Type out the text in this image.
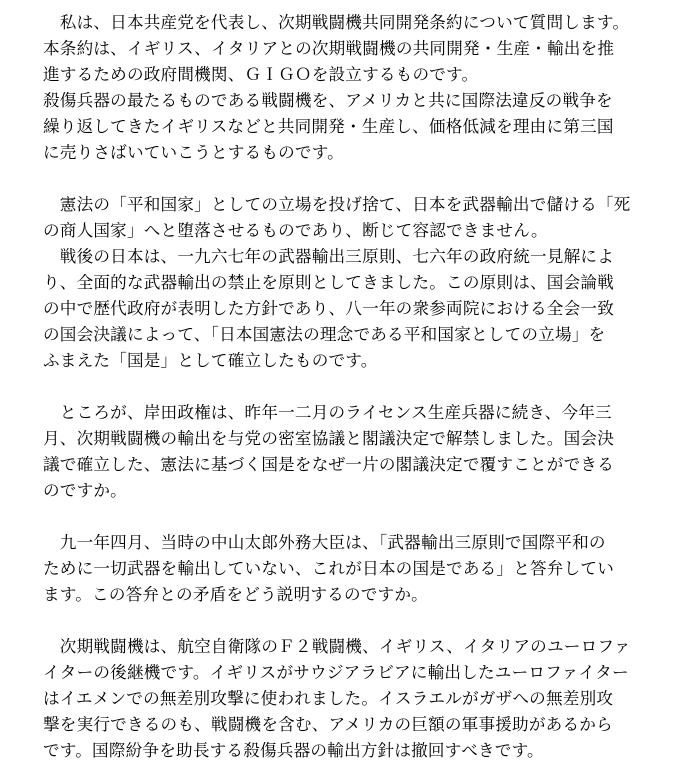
　私は、日本共産党を代表し、次期戦闘機共同開発条約について質問します。
本条約は、イギリス、イタリアとの次期戦闘機の共同開発・生産・輸出を推
進するための政府間機関、ＧＩＧＯを設立するものです。
殺傷兵器の最たるものである戦闘機を、アメリカと共に国際法違反の戦争を
繰り返してきたイギリスなどと共同開発・生産し、価格低減を理由に第三国
に売りさばいていこうとするものです。
　憲法の「平和国家」としての立場を投げ捨て、日本を武器輸出で儲ける「死
の商人国家」へと堕落させるものであり、断じて容認できません。
　戦後の日本は、一九六七年の武器輸出三原則、七六年の政府統一見解によ
り、全面的な武器輸出の禁止を原則としてきました。この原則は、国会論戦
の中で歴代政府が表明した方針であり、八一年の衆参両院における全会一致
の国会決議によって、「日本国憲法の理念である平和国家としての立場」を
ふまえた「国是」として確立したものです。
　ところが、岸田政権は、昨年一二月のライセンス生産兵器に続き、今年三
月、次期戦闘機の輸出を与党の密室協議と閣議決定で解禁しました。国会決
議で確立した、憲法に基づく国是をなぜ一片の閣議決定で覆すことができる
のですか。
　九一年四月、当時の中山太郎外務大臣は、「武器輸出三原則で国際平和の
ために一切武器を輸出していない、これが日本の国是である」と答弁してい
ます。この答弁との矛盾をどう説明するのですか。
　次期戦闘機は、航空自衛隊のＦ２戦闘機、イギリス、イタリアのユーロファ
イターの後継機です。イギリスがサウジアラビアに輸出したユーロファイター
はイエメンでの無差別攻撃に使われました。イスラエルがガザへの無差別攻
撃を実行できるのも、戦闘機を含む、アメリカの巨額の軍事援助があるから
です。国際紛争を助長する殺傷兵器の輸出方針は撤回すべきです。
